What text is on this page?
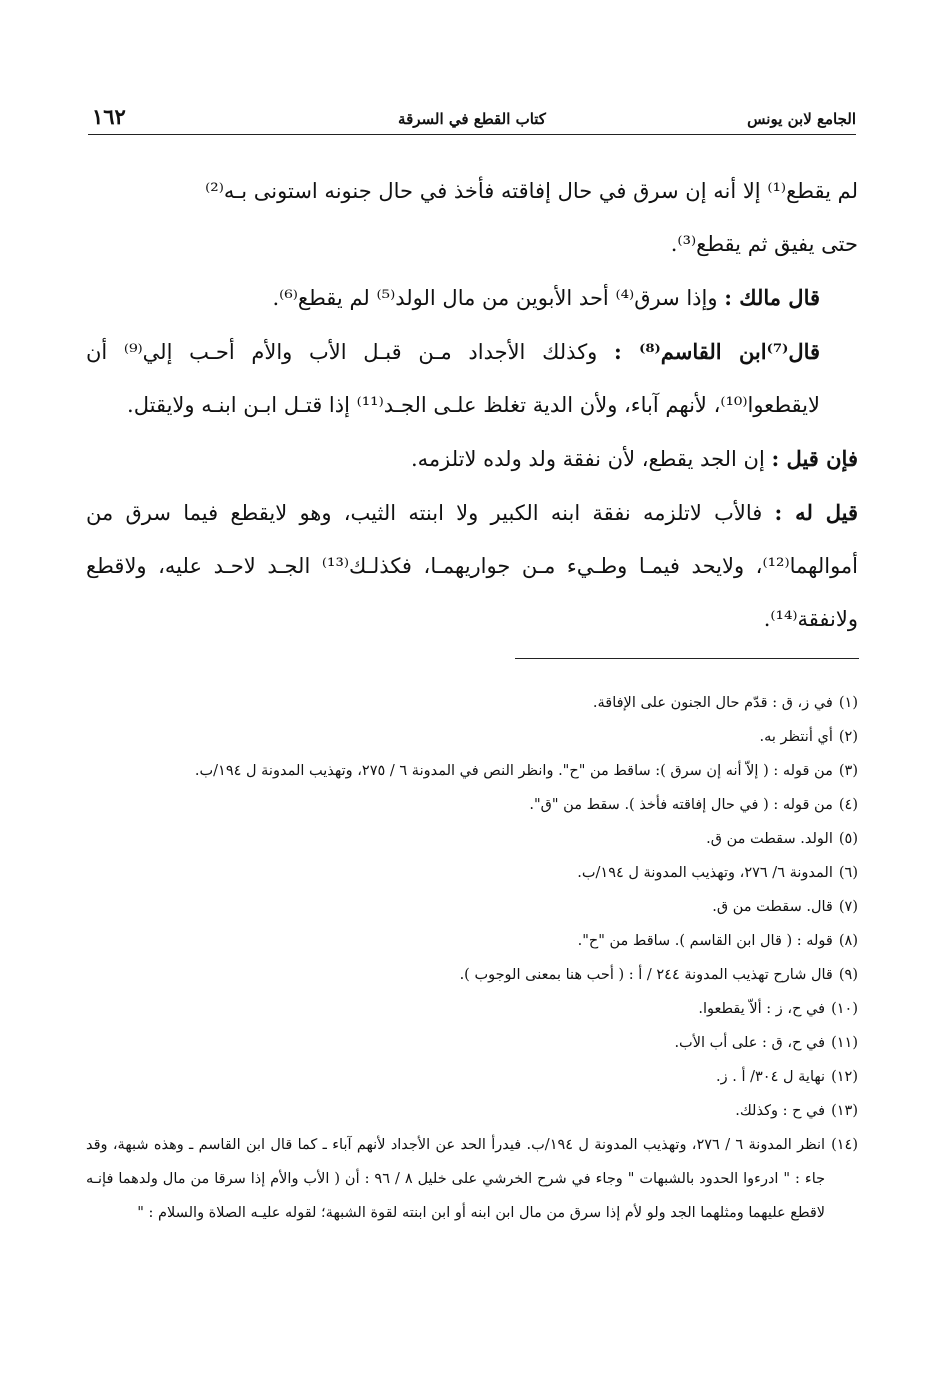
الجامع لابن يونس
كتاب القطع في السرقة
١٦٢

لم يقطع⁽¹⁾ إلا أنه إن سرق في حال إفاقته فأخذ في حال جنونه استونى بـه⁽²⁾
حتى يفيق ثم يقطع⁽³⁾.

قال مالك : وإذا سرق⁽⁴⁾ أحد الأبوين من مال الولد⁽⁵⁾ لم يقطع⁽⁶⁾.

قال⁽⁷⁾ابن القاسم⁽⁸⁾ : وكذلك الأجداد مـن قبـل الأب والأم أحـب إلي⁽⁹⁾ أن لايقطعوا⁽¹⁰⁾، لأنهم آباء، ولأن الدية تغلظ علـى الجـد⁽¹¹⁾ إذا قتـل ابـن ابنـه ولايقتل.

فإن قيل : إن الجد يقطع، لأن نفقة ولد ولده لاتلزمه.

قيل له : فالأب لاتلزمه نفقة ابنه الكبير ولا ابنته الثيب، وهو لايقطع فيما سرق من أموالهما⁽¹²⁾، ولايحد فيمـا وطـيء مـن جواريهمـا، فكذلـك⁽¹³⁾ الجـد لاحـد عليه، ولاقطع ولانفقة⁽¹⁴⁾.

(١)
في ز، ق : قدّم حال الجنون على الإفاقة.
(٢)
أي أنتظر به.
(٣)
من قوله : ( إلاّ أنه إن سرق ): ساقط من "ح". وانظر النص في المدونة ٦ / ٢٧٥، وتهذيب المدونة ل ١٩٤/ب.
(٤)
من قوله : ( في حال إفاقته فأخذ ). سقط من "ق".
(٥)
الولد. سقطت من ق.
(٦)
المدونة ٦/ ٢٧٦، وتهذيب المدونة ل ١٩٤/ب.
(٧)
قال. سقطت من ق.
(٨)
قوله : ( قال ابن القاسم ). ساقط من "ح".
(٩)
قال شارح تهذيب المدونة ٢٤٤ / أ : ( أحب هنا بمعنى الوجوب ).
(١٠)
في ح، ز : ألاّ يقطعوا.
(١١)
في ح، ق : على أب الأب.
(١٢)
نهاية ل ٣٠٤/ أ . ز.
(١٣)
في ح : وكذلك.
(١٤)
انظر المدونة ٦ / ٢٧٦، وتهذيب المدونة ل ١٩٤/ب. فيدرأ الحد عن الأجداد لأنهم آباء ـ كما قال ابن القاسم ـ وهذه شبهة، وقد جاء : " ادرءوا الحدود بالشبهات " وجاء في شرح الخرشي على خليل ٨ / ٩٦ : أن ( الأب والأم إذا سرقا من مال ولدهما فإنـه لاقطع عليهما ومثلهما الجد ولو لأم إذا سرق من مال ابن ابنه أو ابن ابنته لقوة الشبهة؛ لقوله عليـه الصلاة والسلام : "
